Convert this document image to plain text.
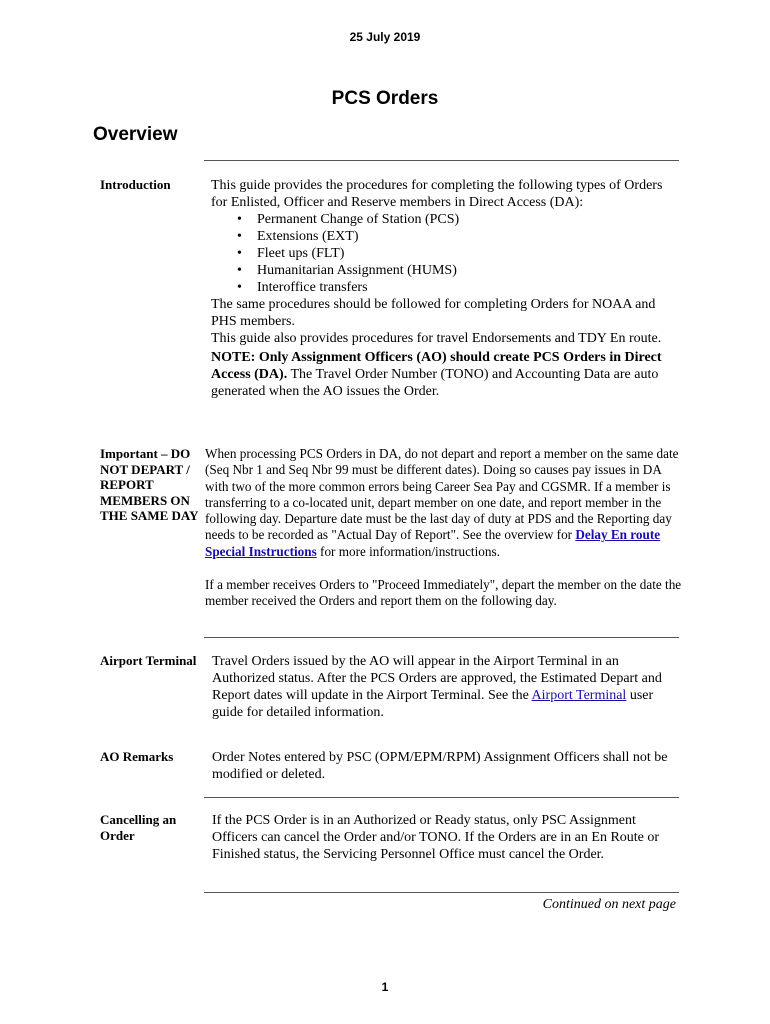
25 July 2019
PCS Orders
Overview
Introduction	This guide provides the procedures for completing the following types of Orders for Enlisted, Officer and Reserve members in Direct Access (DA):

• Permanent Change of Station (PCS)
• Extensions (EXT)
• Fleet ups (FLT)
• Humanitarian Assignment (HUMS)
• Interoffice transfers

The same procedures should be followed for completing Orders for NOAA and PHS members.

This guide also provides procedures for travel Endorsements and TDY En route.

NOTE: Only Assignment Officers (AO) should create PCS Orders in Direct Access (DA). The Travel Order Number (TONO) and Accounting Data are auto generated when the AO issues the Order.

Important – DO NOT DEPART / REPORT MEMBERS ON THE SAME DAY

When processing PCS Orders in DA, do not depart and report a member on the same date (Seq Nbr 1 and Seq Nbr 99 must be different dates). Doing so causes pay issues in DA with two of the more common errors being Career Sea Pay and CGSMR. If a member is transferring to a co-located unit, depart member on one date, and report member in the following day. Departure date must be the last day of duty at PDS and the Reporting day needs to be recorded as "Actual Day of Report". See the overview for Delay En route Special Instructions for more information/instructions.

If a member receives Orders to "Proceed Immediately", depart the member on the date the member received the Orders and report them on the following day.

Airport Terminal Travel Orders issued by the AO will appear in the Airport Terminal in an Authorized status. After the PCS Orders are approved, the Estimated Depart and Report dates will update in the Airport Terminal. See the Airport Terminal user guide for detailed information.

AO Remarks	Order Notes entered by PSC (OPM/EPM/RPM) Assignment Officers shall not be modified or deleted.
Cancelling an Order
If the PCS Order is in an Authorized or Ready status, only PSC Assignment Officers can cancel the Order and/or TONO. If the Orders are in an En Route or Finished status, the Servicing Personnel Office must cancel the Order.
Continued on next page
1
